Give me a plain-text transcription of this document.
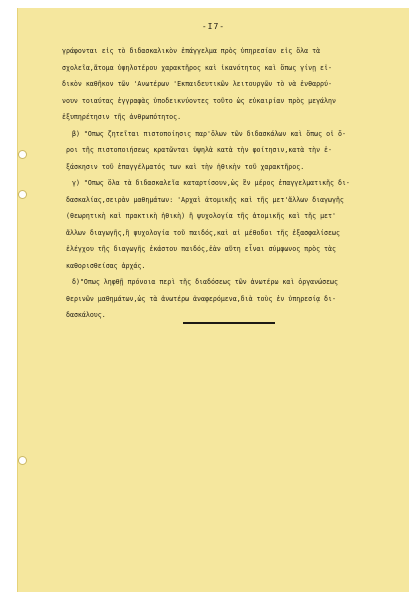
-I7-
γράφονται εἰς τὸ διδασκαλικὸν ἐπάγγελμα πρὸς ὑπηρεσίαν εἰς ὅλα τὰ
σχολεῖα,ἄτομα ὑψηλοτέρου χαρακτῆρος καὶ ἱκανότητος καὶ ὅπως γίνῃ εἰ-
δικὸν καθῆκον τῶν 'Ανωτέρων 'Εκπαιδευτικῶν λειτουργῶν τὸ νὰ ἐνθαρρύ-
νουν τοιαύτας ἐγγραφὰς ὑποδεικνύοντες τοῦτο ὡς εὐκαιρίαν πρὸς μεγάλην
ἐξυπηρέτησιν τῆς ἀνθρωπότητος.
β) "Οπως ζητεῖται πιστοποίησις παρ'ὅλων τῶν διδασκάλων καὶ ὅπως οἱ ὅ-
ροι τῆς πιστοποιήσεως κρατῶνται ὑψηλὰ κατὰ τὴν φοίτησιν,κατὰ τὴν ἐ-
ξάσκησιν τοῦ ἐπαγγέλματός των καὶ τὴν ἠθικὴν τοῦ χαρακτῆρος.
γ) "Οπως ὅλα τὰ διδασκαλεῖα καταρτίσουν,ὡς ἓν μέρος ἐπαγγελματικῆς δι-
δασκαλίας,σειρὰν μαθημάτων: 'Αρχαὶ ἀτομικῆς καὶ τῆς μετ'ἄλλων διαγωγῆς
(θεωρητικὴ καὶ πρακτικὴ ἠθικὴ) ἢ ψυχολογία τῆς ἀτομικῆς καὶ τῆς μετ'
ἄλλων διαγωγῆς,ἢ ψυχολογία τοῦ παιδός,καὶ αἱ μέθοδοι τῆς ἐξασφαλίσεως
ἐλέγχου τῆς διαγωγῆς ἑκάστου παιδός,ἐὰν αὕτη εἶναι σύμφωνος πρὸς τὰς
καθορισθείσας ἀρχάς.
δ)"Οπως ληφθῇ πρόνοια περὶ τῆς διαδόσεως τῶν ἀνωτέρω καὶ ὀργανώσεως
θερινῶν μαθημάτων,ὡς τὰ ἀνωτέρω ἀναφερόμενα,διὰ τοὺς ἐν ὑπηρεσίᾳ δι-
δασκάλους.
